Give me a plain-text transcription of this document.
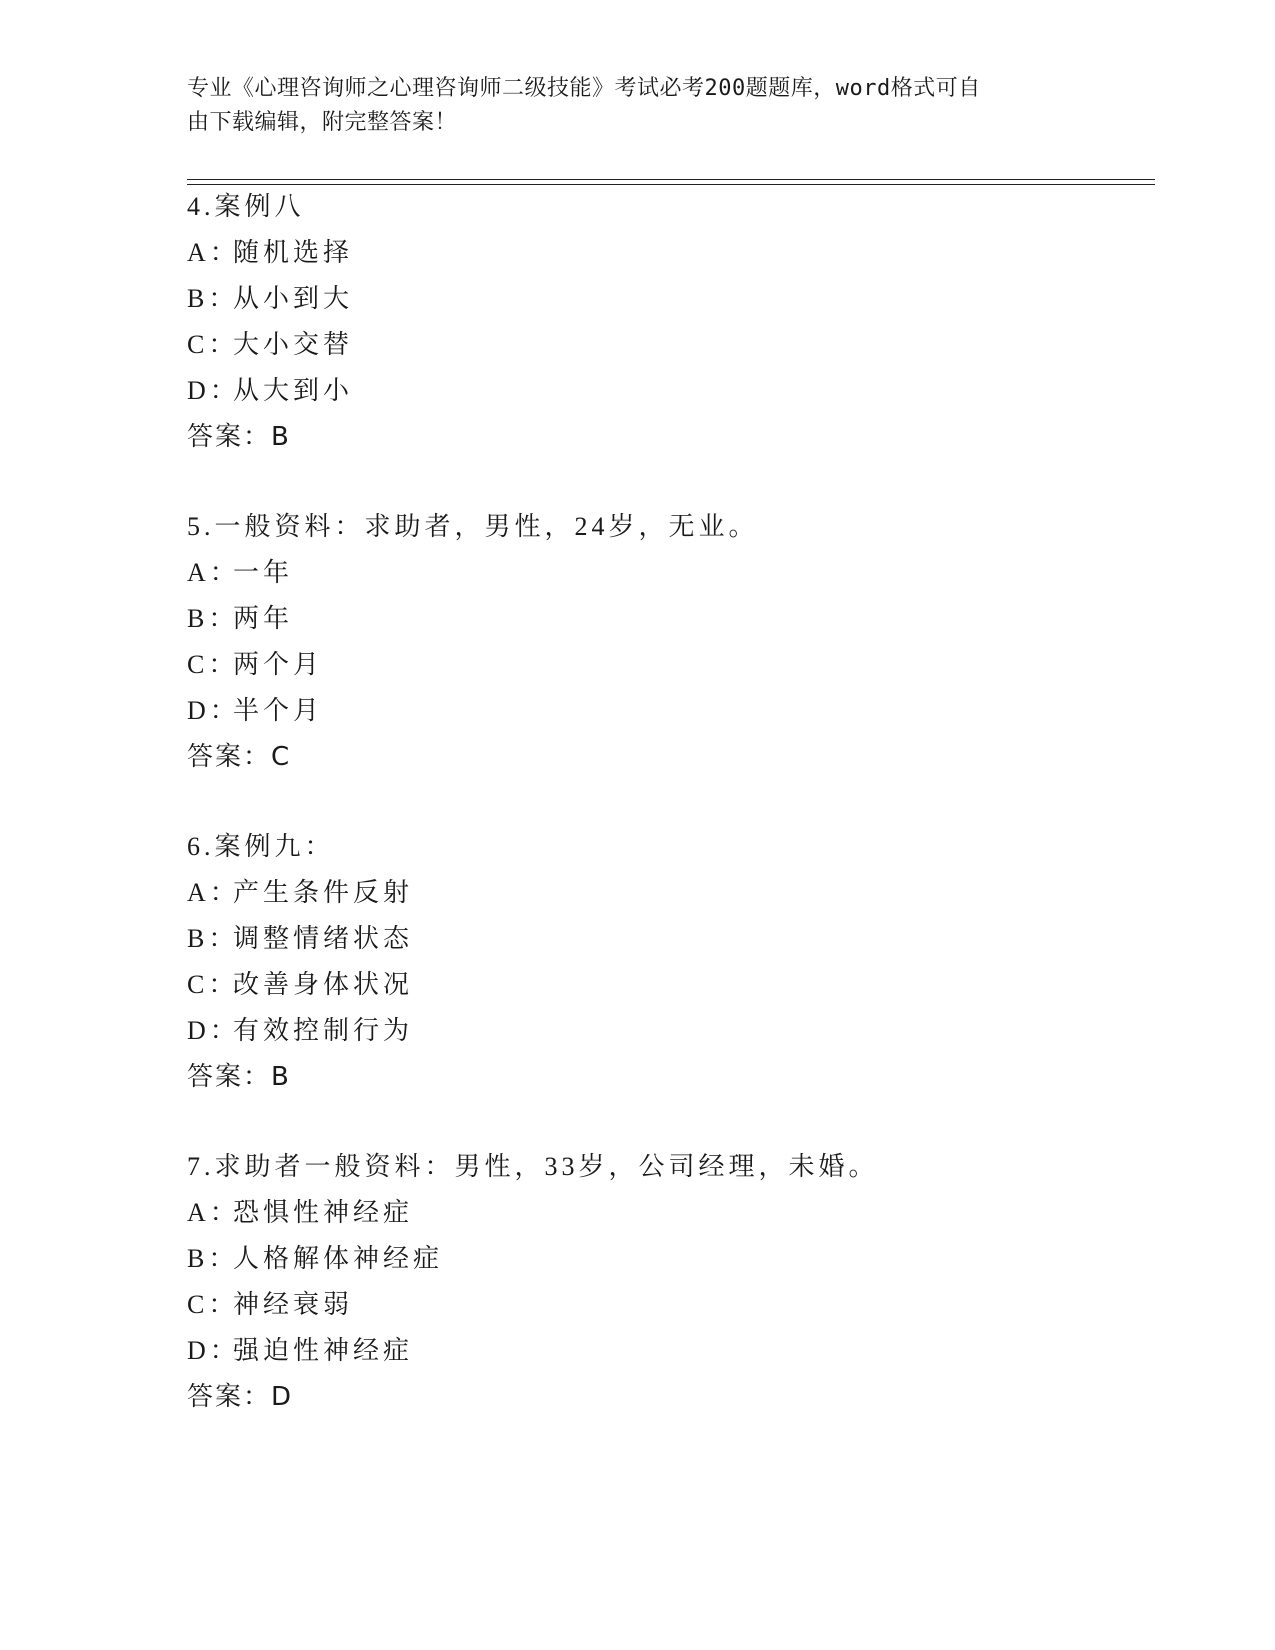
专业《心理咨询师之心理咨询师二级技能》考试必考200题题库，word格式可自
由下载编辑，附完整答案！
4.案例八
A：随机选择
B：从小到大
C：大小交替
D：从大到小
答案：B
5.一般资料：求助者，男性，24岁，无业。
A：一年
B：两年
C：两个月
D：半个月
答案：C
6.案例九：
A：产生条件反射
B：调整情绪状态
C：改善身体状况
D：有效控制行为
答案：B
7.求助者一般资料：男性，33岁，公司经理，未婚。
A：恐惧性神经症
B：人格解体神经症
C：神经衰弱
D：强迫性神经症
答案：D
